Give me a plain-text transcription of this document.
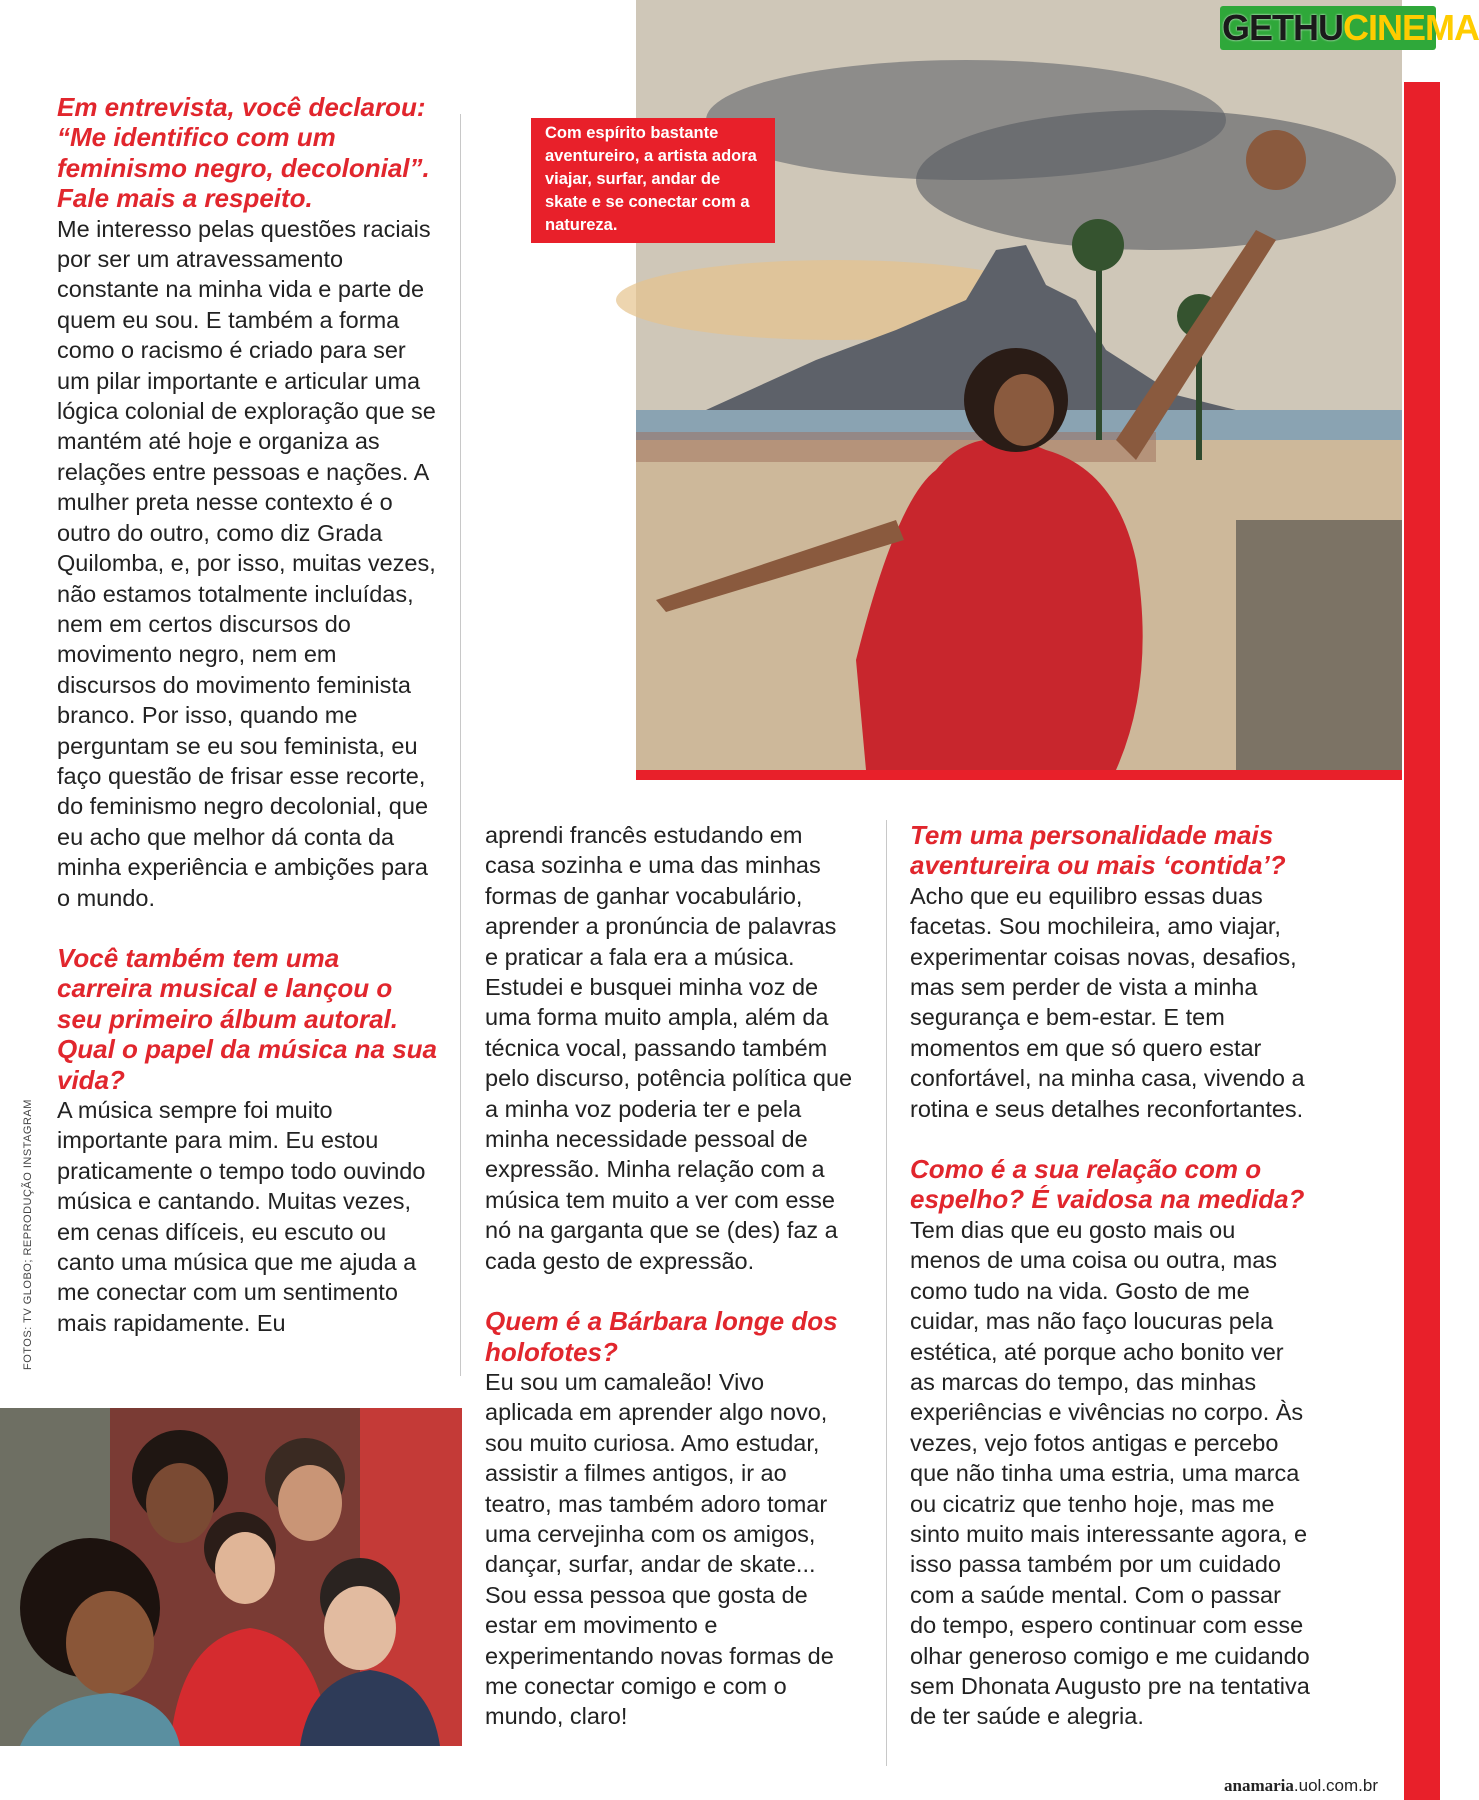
Com espírito bastante aventureiro, a artista adora viajar, surfar, andar de skate e se conectar com a natureza.
GETHU CINEMA
FOTOS: TV GLOBO; REPRODUÇÃO INSTAGRAM

Em entrevista, você declarou: “Me identifico com um feminismo negro, decolonial”. Fale mais a respeito.

Me interesso pelas questões raciais por ser um atravessamento constante na minha vida e parte de quem eu sou. E também a forma como o racismo é criado para ser um pilar importante e articular uma lógica colonial de exploração que se mantém até hoje e organiza as relações entre pessoas e nações. A mulher preta nesse contexto é o outro do outro, como diz Grada Quilomba, e, por isso, muitas vezes, não estamos totalmente incluídas, nem em certos discursos do movimento negro, nem em discursos do movimento feminista branco. Por isso, quando me perguntam se eu sou feminista, eu faço questão de frisar esse recorte, do feminismo negro decolonial, que eu acho que melhor dá conta da minha experiência e ambições para o mundo.

Você também tem uma carreira musical e lançou o seu primeiro álbum autoral. Qual o papel da música na sua vida?

A música sempre foi muito importante para mim. Eu estou praticamente o tempo todo ouvindo música e cantando. Muitas vezes, em cenas difíceis, eu escuto ou canto uma música que me ajuda a me conectar com um sentimento mais rapidamente. Eu

aprendi francês estudando em casa sozinha e uma das minhas formas de ganhar vocabulário, aprender a pronúncia de palavras e praticar a fala era a música. Estudei e busquei minha voz de uma forma muito ampla, além da técnica vocal, passando também pelo discurso, potência política que a minha voz poderia ter e pela minha necessidade pessoal de expressão. Minha relação com a música tem muito a ver com esse nó na garganta que se (des) faz a cada gesto de expressão.

Quem é a Bárbara longe dos holofotes?

Eu sou um camaleão! Vivo aplicada em aprender algo novo, sou muito curiosa. Amo estudar, assistir a filmes antigos, ir ao teatro, mas também adoro tomar uma cervejinha com os amigos, dançar, surfar, andar de skate... Sou essa pessoa que gosta de estar em movimento e experimentando novas formas de me conectar comigo e com o mundo, claro!

Tem uma personalidade mais aventureira ou mais ‘contida’?

Acho que eu equilibro essas duas facetas. Sou mochileira, amo viajar, experimentar coisas novas, desafios, mas sem perder de vista a minha segurança e bem-estar. E tem momentos em que só quero estar confortável, na minha casa, vivendo a rotina e seus detalhes reconfortantes.

Como é a sua relação com o espelho? É vaidosa na medida?

Tem dias que eu gosto mais ou menos de uma coisa ou outra, mas como tudo na vida. Gosto de me cuidar, mas não faço loucuras pela estética, até porque acho bonito ver as marcas do tempo, das minhas experiências e vivências no corpo. Às vezes, vejo fotos antigas e percebo que não tinha uma estria, uma marca ou cicatriz que tenho hoje, mas me sinto muito mais interessante agora, e isso passa também por um cuidado com a saúde mental. Com o passar do tempo, espero continuar com esse olhar generoso comigo e me cuidando sem Dhonata Augusto pre na tentativa de ter saúde e alegria.

anamaria.uol.com.br
